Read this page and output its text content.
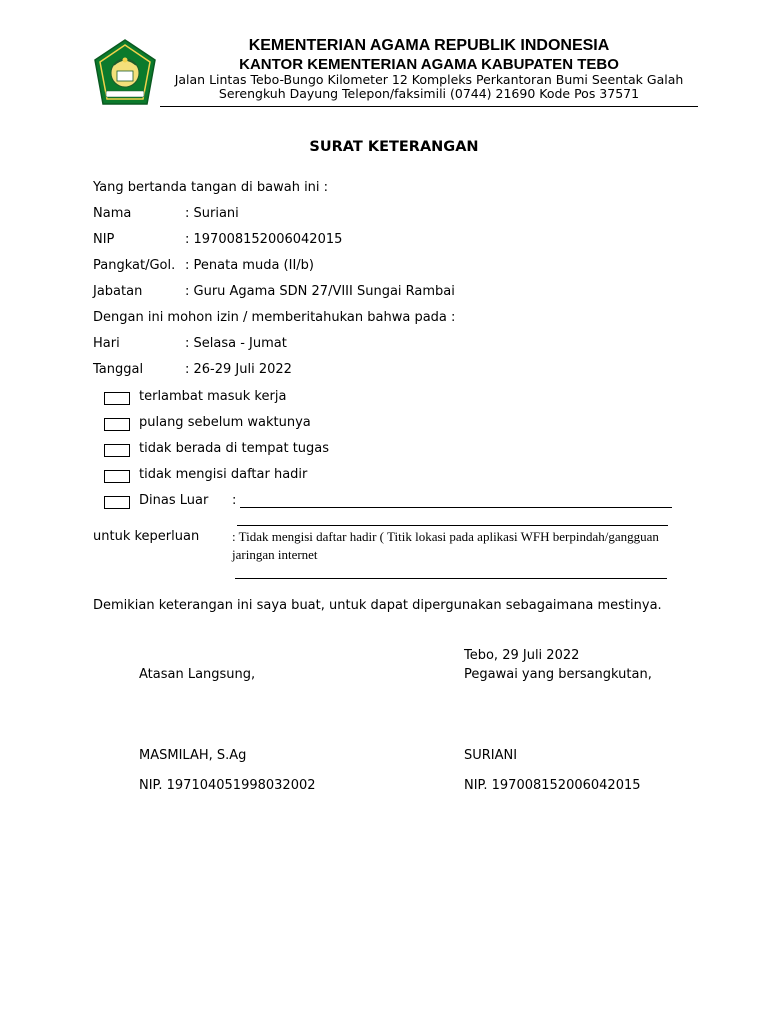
KEMENTERIAN AGAMA REPUBLIK INDONESIA
KANTOR KEMENTERIAN AGAMA KABUPATEN TEBO
Jalan Lintas Tebo-Bungo Kilometer 12 Kompleks Perkantoran Bumi Seentak Galah
Serengkuh Dayung Telepon/faksimili (0744) 21690 Kode Pos 37571
SURAT KETERANGAN
Yang bertanda tangan di bawah ini :
Nama	: Suriani
NIP	: 197008152006042015
Pangkat/Gol. : Penata muda (II/b)
Jabatan	: Guru Agama SDN 27/VIII Sungai Rambai
Dengan ini mohon izin / memberitahukan bahwa pada :
Hari	: Selasa - Jumat
Tanggal	: 26-29 Juli 2022
terlambat masuk kerja
pulang sebelum waktunya
tidak berada di tempat tugas
tidak mengisi daftar hadir
Dinas Luar :
untuk keperluan	: Tidak mengisi daftar hadir ( Titik lokasi pada aplikasi WFH berpindah/gangguan
jaringan internet
Demikian keterangan ini saya buat, untuk dapat dipergunakan sebagaimana mestinya.
Tebo, 29 Juli 2022
Atasan Langsung,	Pegawai yang bersangkutan,
MASMILAH, S.Ag	SURIANI
NIP. 197104051998032002	NIP. 197008152006042015
